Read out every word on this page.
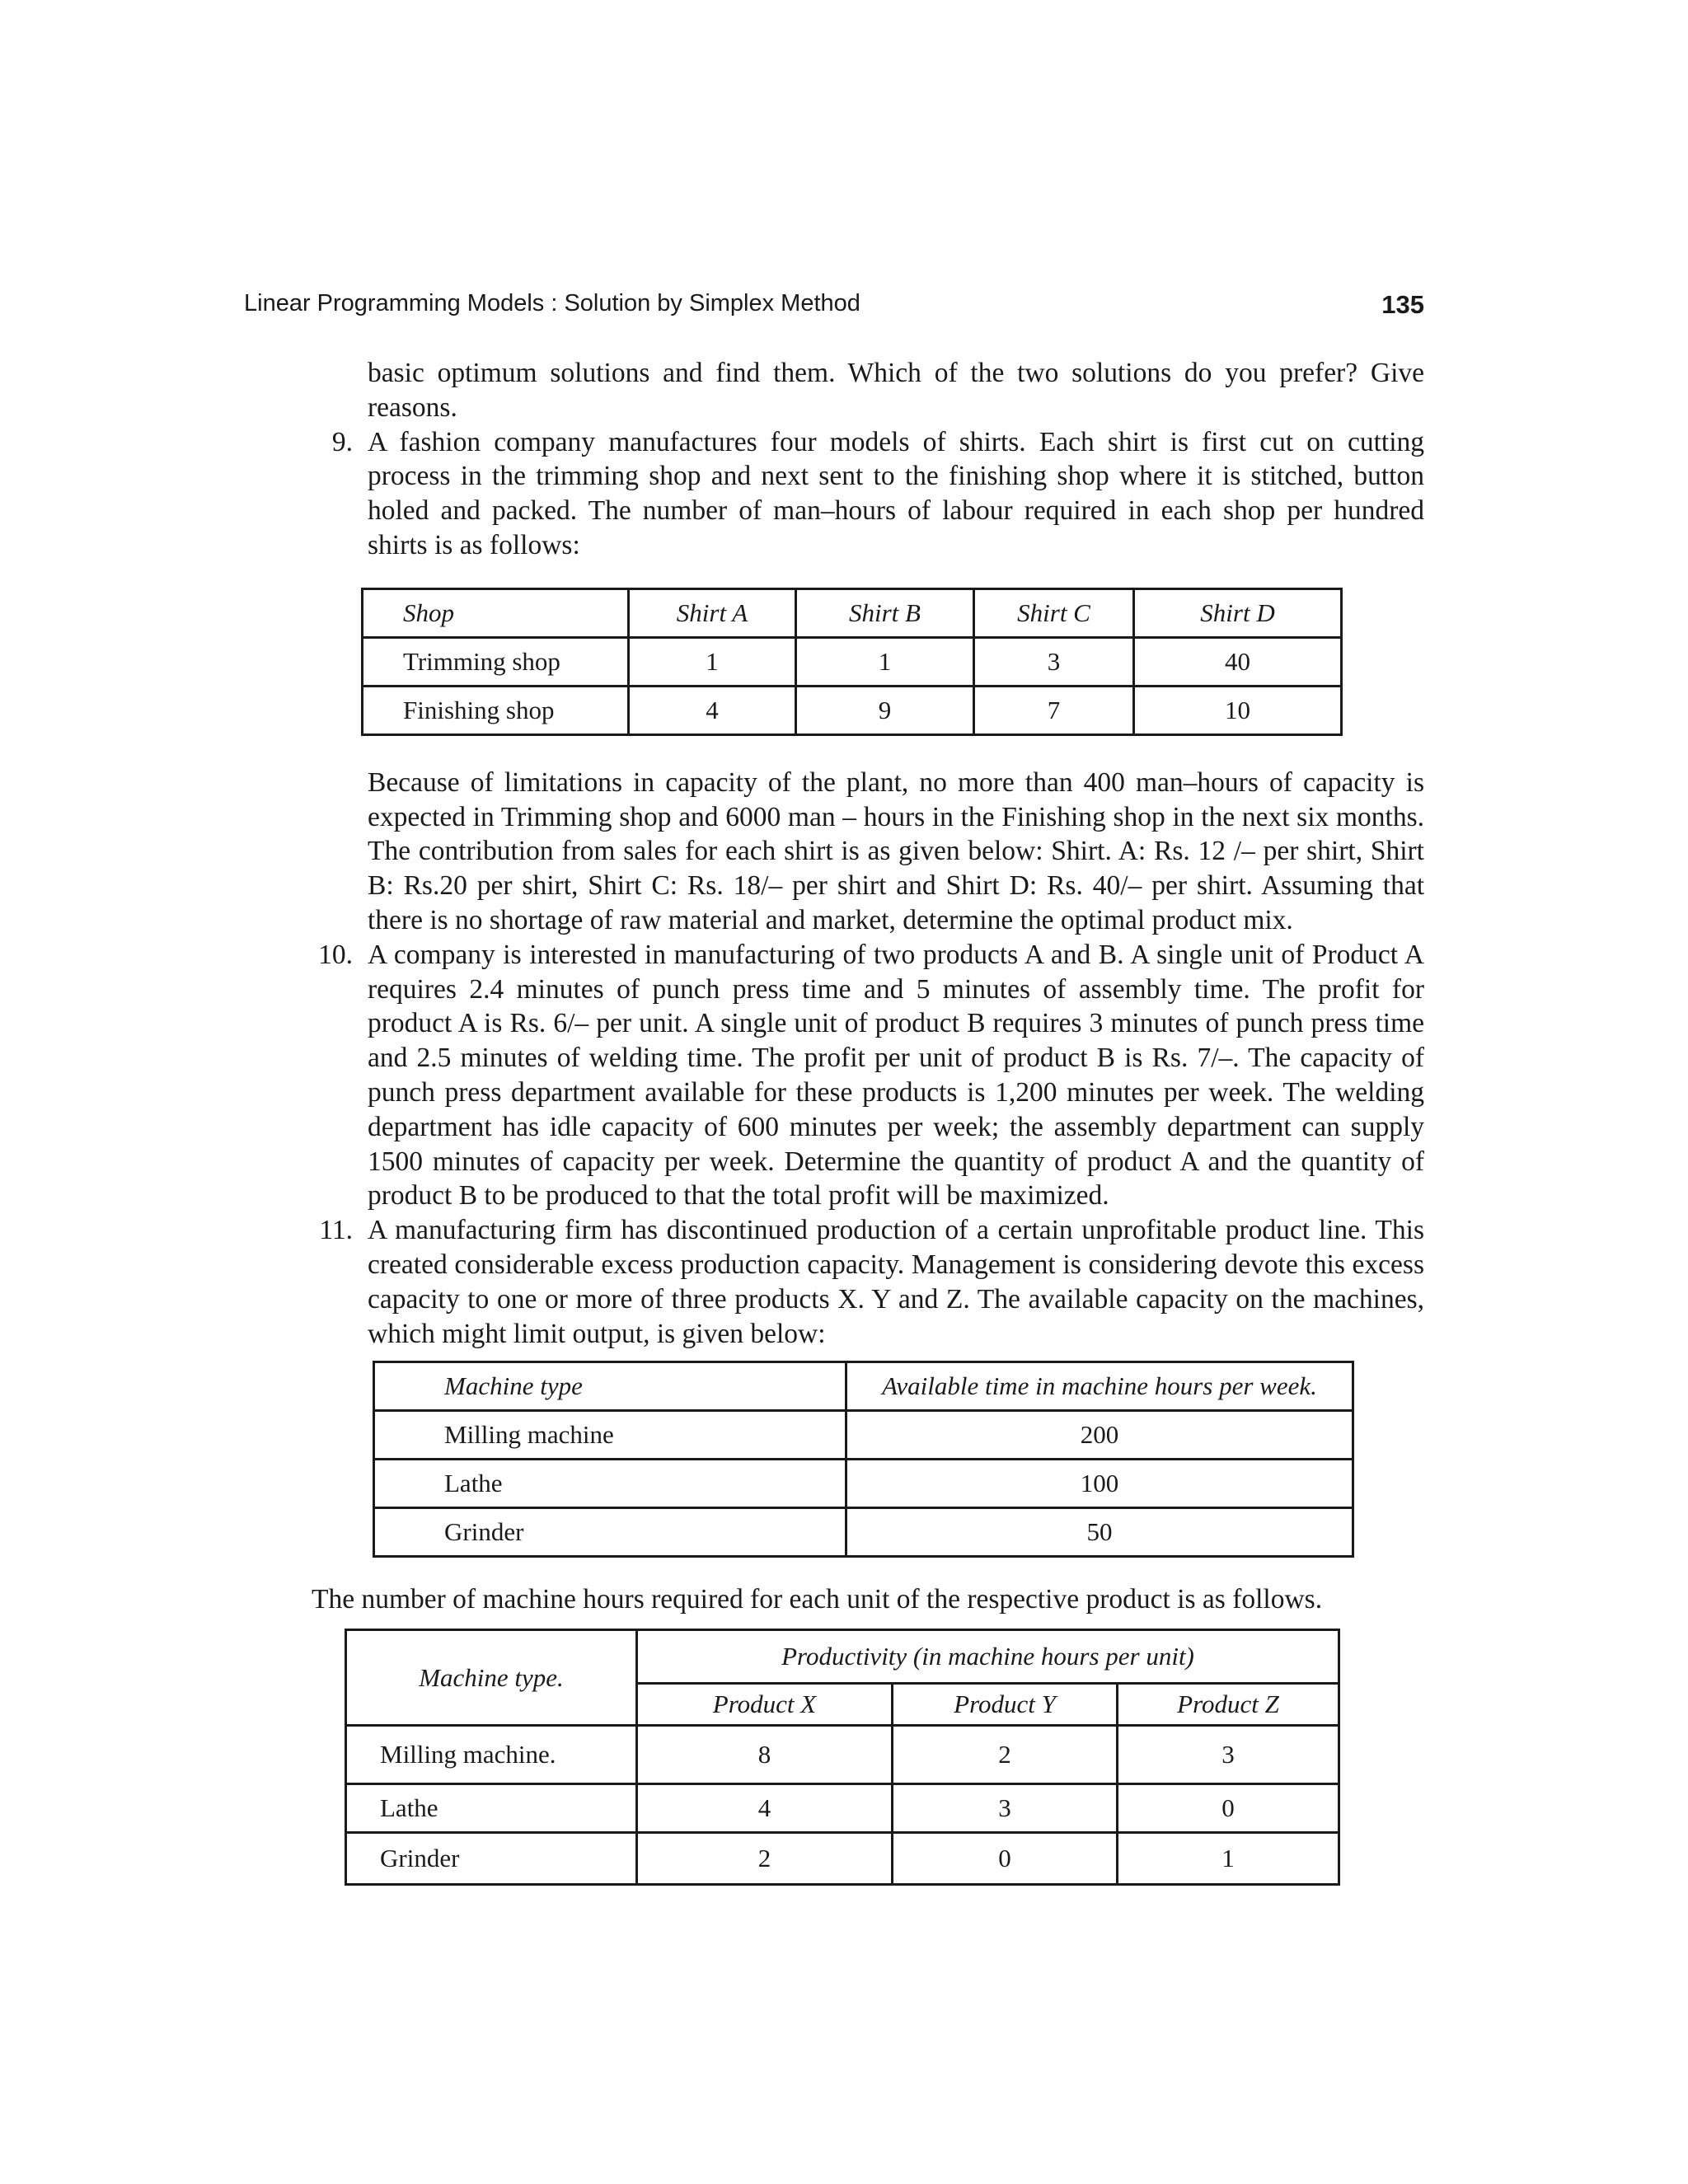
Linear Programming Models : Solution by Simplex Method	135
basic optimum solutions and find them. Which of the two solutions do you prefer? Give reasons.
9. A fashion company manufactures four models of shirts. Each shirt is first cut on cutting process in the trimming shop and next sent to the finishing shop where it is stitched, button holed and packed. The number of man–hours of labour required in each shop per hundred shirts is as follows:
Shop	Shirt A	Shirt B	Shirt C	Shirt D
Trimming shop	1	1	3	40
Finishing shop	4	9	7	10
Because of limitations in capacity of the plant, no more than 400 man–hours of capacity is expected in Trimming shop and 6000 man – hours in the Finishing shop in the next six months. The contribution from sales for each shirt is as given below: Shirt. A: Rs. 12 /– per shirt, Shirt B: Rs.20 per shirt, Shirt C: Rs. 18/– per shirt and Shirt D: Rs. 40/– per shirt. Assuming that there is no shortage of raw material and market, determine the optimal product mix.
10. A company is interested in manufacturing of two products A and B. A single unit of Product A requires 2.4 minutes of punch press time and 5 minutes of assembly time. The profit for product A is Rs. 6/– per unit. A single unit of product B requires 3 minutes of punch press time and 2.5 minutes of welding time. The profit per unit of product B is Rs. 7/–. The capacity of punch press department available for these products is 1,200 minutes per week. The welding department has idle capacity of 600 minutes per week; the assembly department can supply 1500 minutes of capacity per week. Determine the quantity of product A and the quantity of product B to be produced to that the total profit will be maximized.
11. A manufacturing firm has discontinued production of a certain unprofitable product line. This created considerable excess production capacity. Management is considering devote this excess capacity to one or more of three products X. Y and Z. The available capacity on the machines, which might limit output, is given below:
Machine type	Available time in machine hours per week.
Milling machine	200
Lathe	100
Grinder	50
The number of machine hours required for each unit of the respective product is as follows.
Machine type.	Productivity (in machine hours per unit)		
	Product X	Product Y	Product Z
Milling machine.	8	2	3
Lathe	4	3	0
Grinder	2	0	1
